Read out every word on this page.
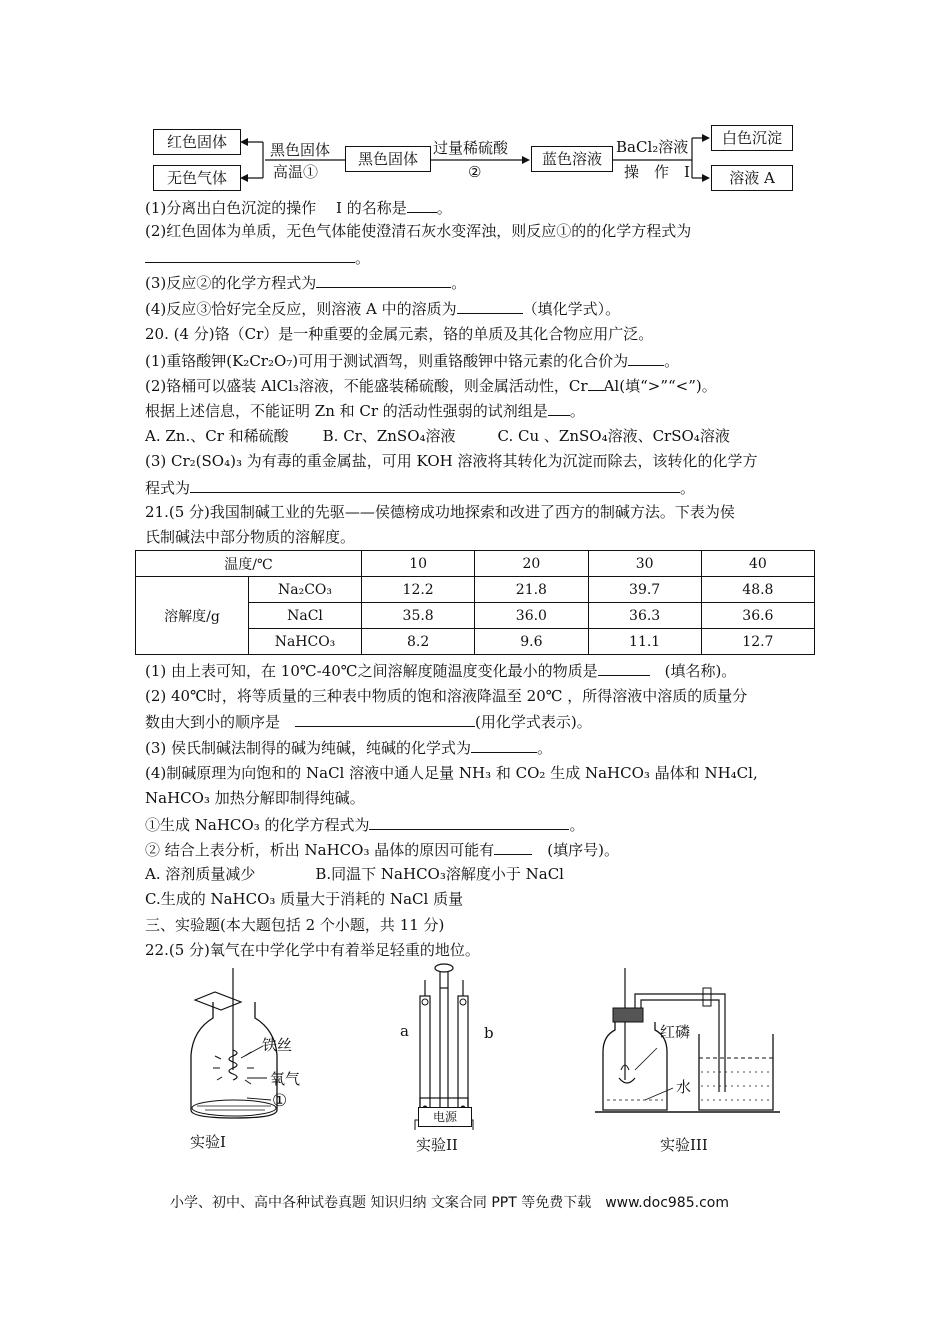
红色固体
无色气体
黑色固体
高温①
黑色固体
过量稀硫酸
②
蓝色溶液
BaCl₂溶液
操　作　I
白色沉淀
溶液 A
(1)分离出白色沉淀的操作　 I 的名称是 。
(2)红色固体为单质，无色气体能使澄清石灰水变浑浊，则反应①的的化学方程式为
。
(3)反应②的化学方程式为	。
(4)反应③恰好完全反应，则溶液 A 中的溶质为	（填化学式）。
20. (4 分)铬（Cr）是一种重要的金属元素，铬的单质及其化合物应用广泛。
(1)重铬酸钾(K₂Cr₂O₇)可用于测试酒驾，则重铬酸钾中铬元素的化合价为 。
(2)铬桶可以盛装 AlCl₃溶液，不能盛装稀硫酸，则金属活动性，Cr Al(填“>”“<”)。
根据上述信息，不能证明 Zn 和 Cr 的活动性强弱的试剂组是 。
A. Zn.、Cr 和稀硫酸 B. Cr、ZnSO₄溶液	C. Cu 、ZnSO₄溶液、CrSO₄溶液
(3) Cr₂(SO₄)₃ 为有毒的重金属盐，可用 KOH 溶液将其转化为沉淀而除去，该转化的化学方
程式为	。
21.(5 分)我国制碱工业的先驱——侯德榜成功地探索和改进了西方的制碱方法。下表为侯
氏制碱法中部分物质的溶解度。
温度/℃		10	20	30	40
溶解度/g	Na₂CO₃	12.2	21.8	39.7	48.8
	NaCl	35.8	36.0	36.3	36.6
	NaHCO₃	8.2	9.6	11.1	12.7
(1) 由上表可知，在 10℃-40℃之间溶解度随温度变化最小的物质是	　(填名称)。
(2) 40℃时，将等质量的三种表中物质的饱和溶液降温至 20℃ ，所得溶液中溶质的质量分
数由大到小的顺序是　	(用化学式表示)。
(3) 侯氏制碱法制得的碱为纯碱，纯碱的化学式为	。
(4)制碱原理为向饱和的 NaCl 溶液中通人足量 NH₃ 和 CO₂ 生成 NaHCO₃ 晶体和 NH₄Cl,
NaHCO₃ 加热分解即制得纯碱。
①生成 NaHCO₃ 的化学方程式为	。
② 结合上表分析，析出 NaHCO₃ 晶体的原因可能有	　(填序号)。
A. 溶剂质量减少	B.同温下 NaHCO₃溶解度小于 NaCl
C.生成的 NaHCO₃ 质量大于消耗的 NaCl 质量
三、实验题(本大题包括 2 个小题，共 11 分)
22.(5 分)氧气在中学化学中有着举足轻重的地位。
铁丝
氧气
①
实验I
电源
a	b
实验II
红磷
水
实验III
小学、初中、高中各种试卷真题 知识归纳 文案合同 PPT 等免费下载　www.doc985.com
